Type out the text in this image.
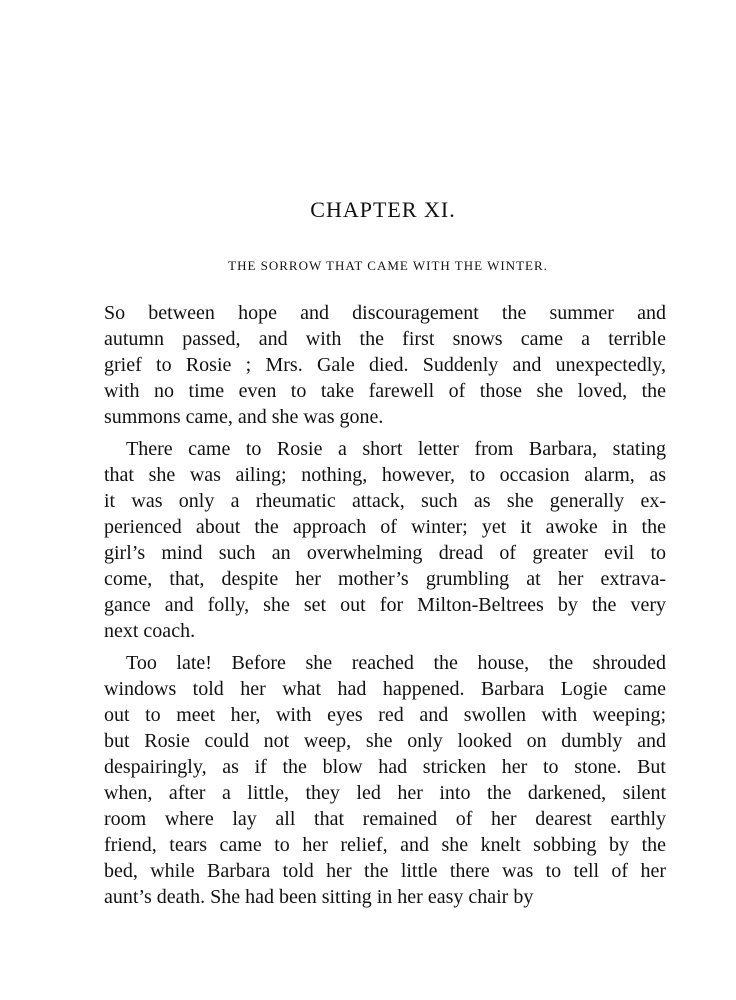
CHAPTER XI.
THE SORROW THAT CAME WITH THE WINTER.
So between hope and discouragement the summer and
autumn passed, and with the first snows came a terrible
grief to Rosie ; Mrs. Gale died. Suddenly and unexpectedly,
with no time even to take farewell of those she loved, the
summons came, and she was gone.
There came to Rosie a short letter from Barbara, stating
that she was ailing; nothing, however, to occasion alarm, as
it was only a rheumatic attack, such as she generally ex-
perienced about the approach of winter; yet it awoke in the
girl’s mind such an overwhelming dread of greater evil to
come, that, despite her mother’s grumbling at her extrava-
gance and folly, she set out for Milton-Beltrees by the very
next coach.
Too late! Before she reached the house, the shrouded
windows told her what had happened. Barbara Logie came
out to meet her, with eyes red and swollen with weeping;
but Rosie could not weep, she only looked on dumbly and
despairingly, as if the blow had stricken her to stone. But
when, after a little, they led her into the darkened, silent
room where lay all that remained of her dearest earthly
friend, tears came to her relief, and she knelt sobbing by the
bed, while Barbara told her the little there was to tell of her
aunt’s death. She had been sitting in her easy chair by
